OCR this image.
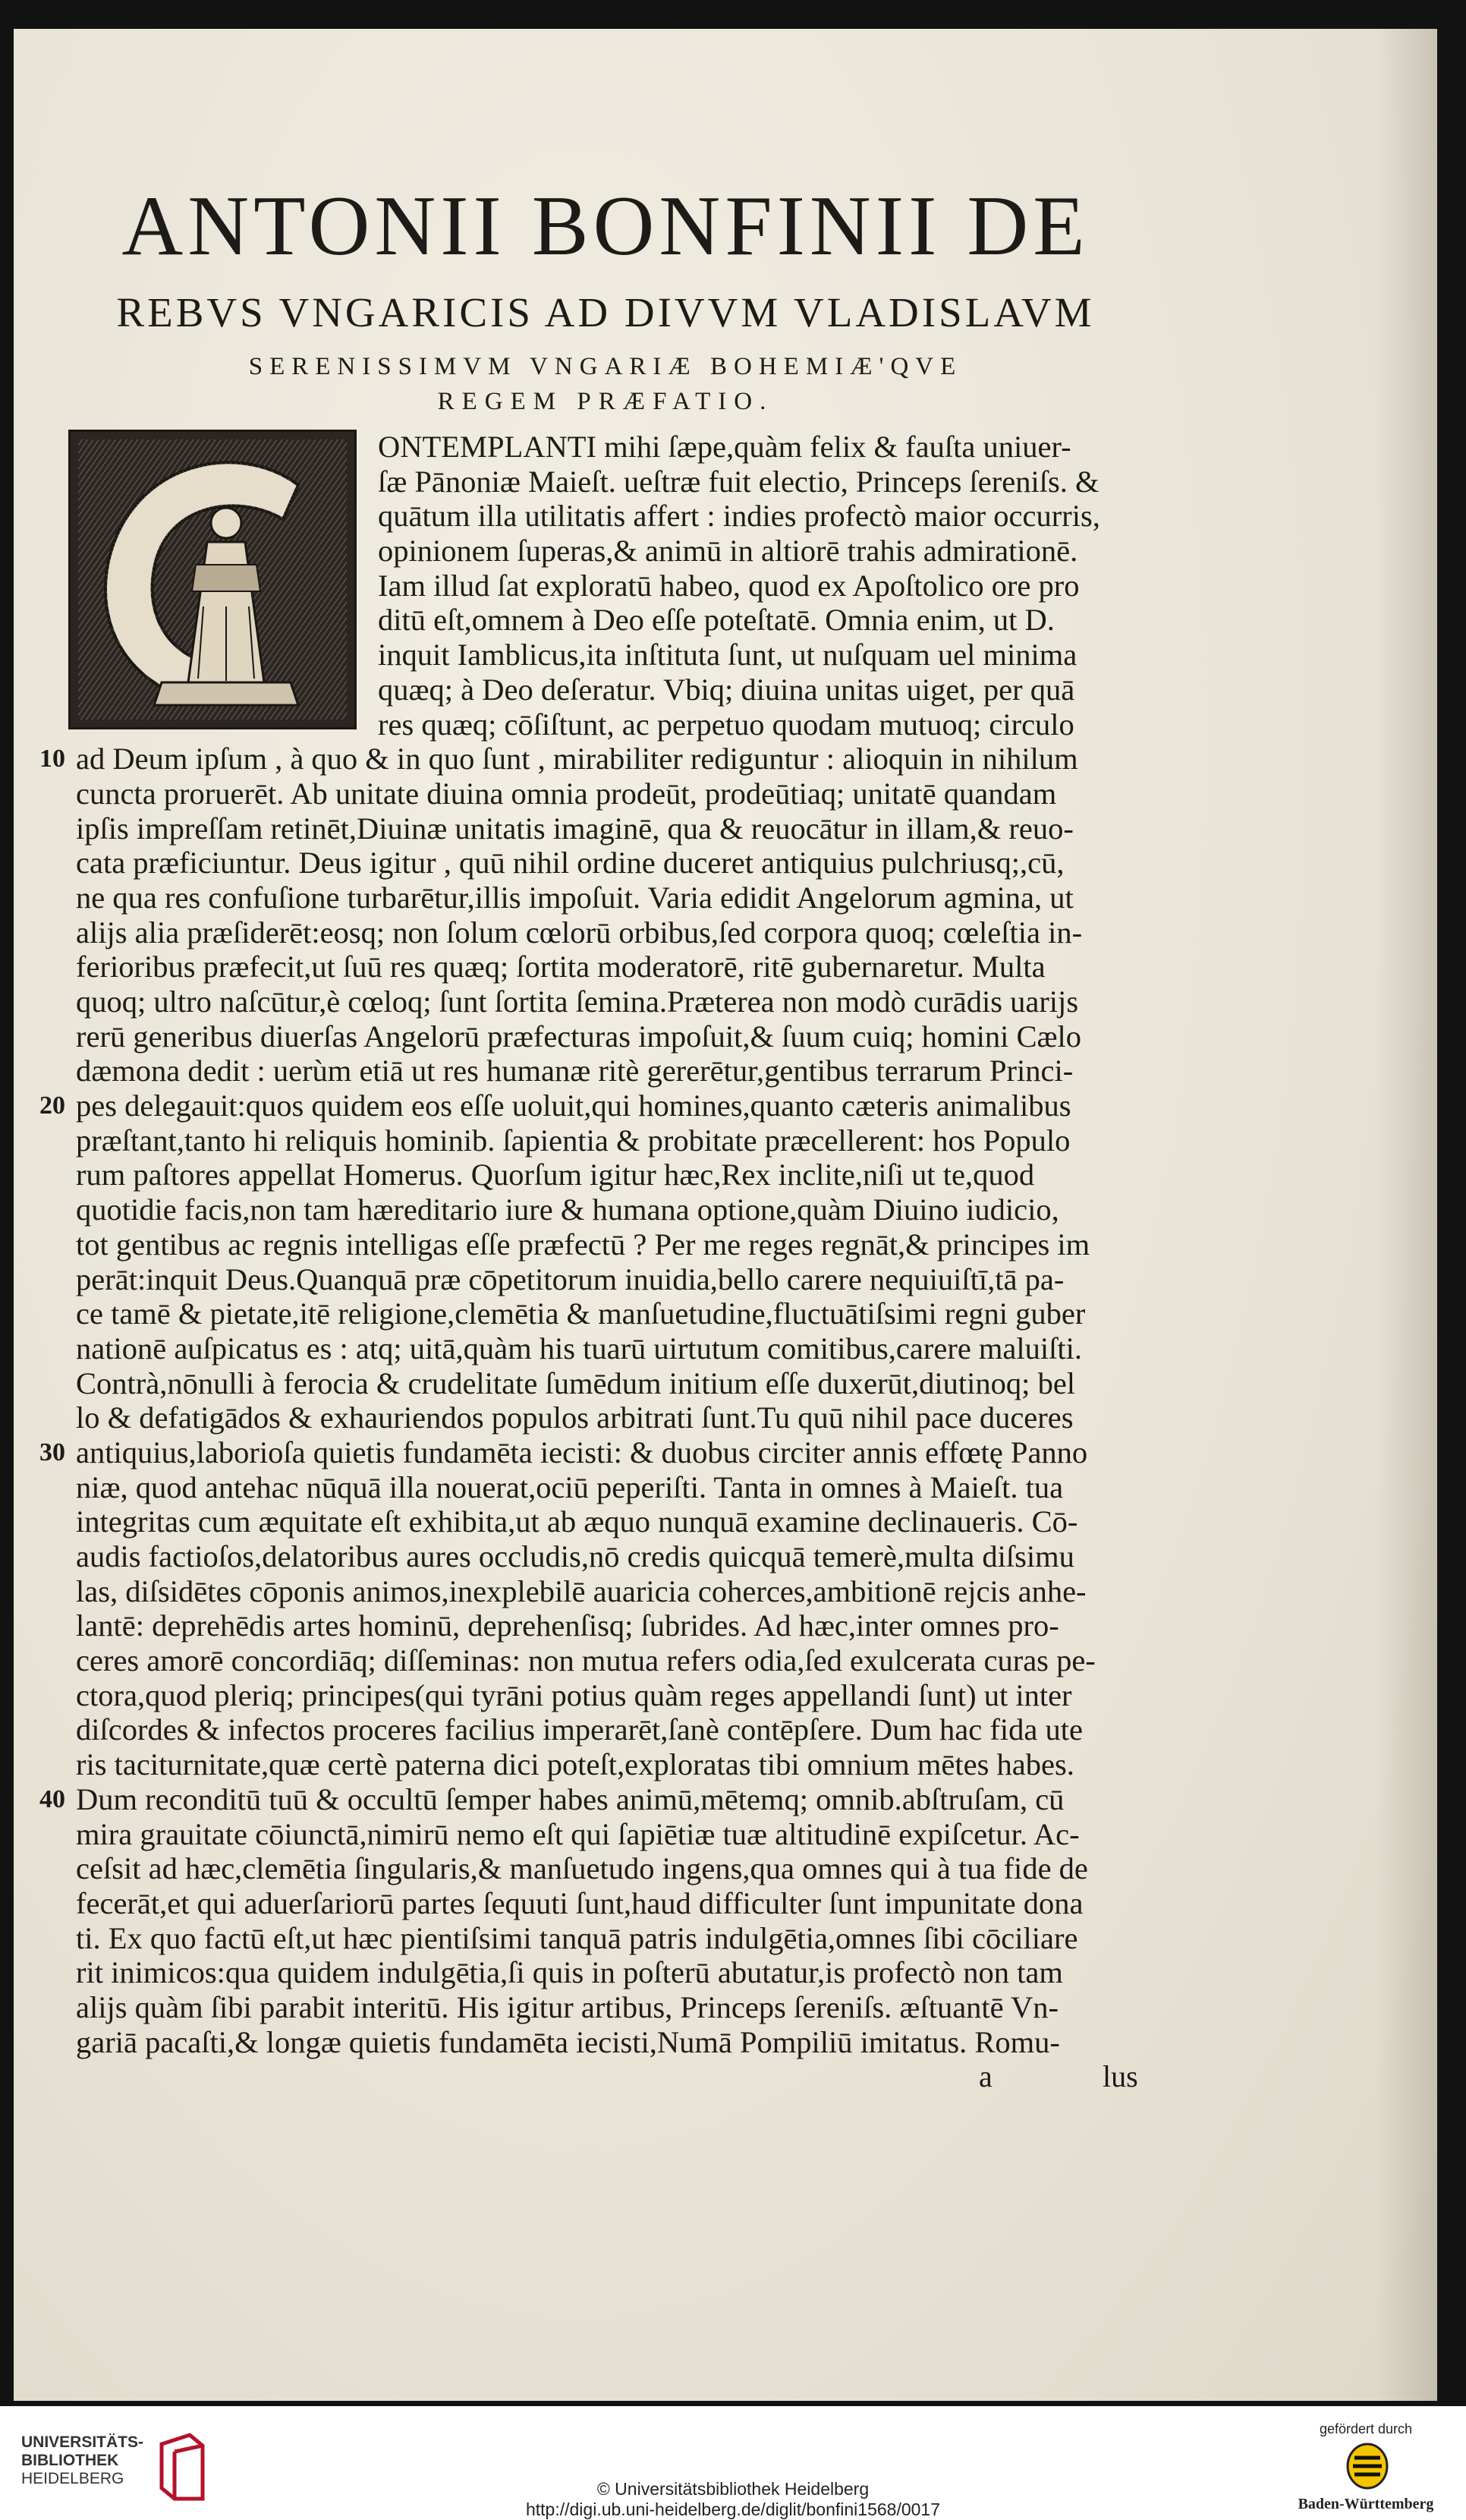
ANTONII BONFINII DE
REBVS VNGARICIS AD DIVVM VLADISLAVM
SERENISSIMVM VNGARIÆ BOHEMIÆ'QVE
REGEM PRÆFATIO.
ONTEMPLANTI mihi ſæpe,quàm felix & fauſta uniuer-
ſæ Pānoniæ Maieſt. ueſtræ fuit electio, Princeps ſereniſs. &
quātum illa utilitatis affert : indies profectò maior occurris,
opinionem ſuperas,& animū in altiorē trahis admirationē.
Iam illud ſat exploratū habeo, quod ex Apoſtolico ore pro
ditū eſt,omnem à Deo eſſe poteſtatē. Omnia enim, ut D.
inquit Iamblicus,ita inſtituta ſunt, ut nuſquam uel minima
quæq; à Deo deſeratur. Vbiq; diuina unitas uiget, per quā
res quæq; cōſiſtunt, ac perpetuo quodam mutuoq; circulo
10 ad Deum ipſum , à quo & in quo ſunt , mirabiliter rediguntur : alioquin in nihilum
cuncta proruerēt. Ab unitate diuina omnia prodeūt, prodeūtiaq; unitatē quandam
ipſis impreſſam retinēt,Diuinæ unitatis imaginē, qua & reuocātur in illam,& reuo-
cata præficiuntur. Deus igitur , quū nihil ordine duceret antiquius pulchriusq;,cū,
ne qua res confuſione turbarētur,illis impoſuit. Varia edidit Angelorum agmina, ut
alijs alia præſiderēt:eosq; non ſolum cœlorū orbibus,ſed corpora quoq; cœleſtia in-
ferioribus præfecit,ut ſuū res quæq; ſortita moderatorē, ritē gubernaretur. Multa
quoq; ultro naſcūtur,è cœloq; ſunt ſortita ſemina.Præterea non modò curādis uarijs
rerū generibus diuerſas Angelorū præfecturas impoſuit,& ſuum cuiq; homini Cælo
dæmona dedit : uerùm etiā ut res humanæ ritè gererētur,gentibus terrarum Princi-
20 pes delegauit:quos quidem eos eſſe uoluit,qui homines,quanto cæteris animalibus
præſtant,tanto hi reliquis hominib. ſapientia & probitate præcellerent: hos Populo
rum paſtores appellat Homerus. Quorſum igitur hæc,Rex inclite,niſi ut te,quod
quotidie facis,non tam hæreditario iure & humana optione,quàm Diuino iudicio,
tot gentibus ac regnis intelligas eſſe præfectū ? Per me reges regnāt,& principes im
perāt:inquit Deus.Quanquā præ cōpetitorum inuidia,bello carere nequiuiſtī,tā pa-
ce tamē & pietate,itē religione,clemētia & manſuetudine,fluctuātiſsimi regni guber
nationē auſpicatus es : atq; uitā,quàm his tuarū uirtutum comitibus,carere maluiſti.
Contrà,nōnulli à ferocia & crudelitate ſumēdum initium eſſe duxerūt,diutinoq; bel
lo & defatigādos & exhauriendos populos arbitrati ſunt.Tu quū nihil pace duceres
30 antiquius,laborioſa quietis fundamēta iecisti: & duobus circiter annis effœtę Panno
niæ, quod antehac nūquā illa nouerat,ociū peperiſti. Tanta in omnes à Maieſt. tua
integritas cum æquitate eſt exhibita,ut ab æquo nunquā examine declinaueris. Cō-
audis factioſos,delatoribus aures occludis,nō credis quicquā temerè,multa diſsimu
las, diſsidētes cōponis animos,inexplebilē auaricia coherces,ambitionē rejcis anhe-
lantē: deprehēdis artes hominū, deprehenſisq; ſubrides. Ad hæc,inter omnes pro-
ceres amorē concordiāq; diſſeminas: non mutua refers odia,ſed exulcerata curas pe-
ctora,quod pleriq; principes(qui tyrāni potius quàm reges appellandi ſunt) ut inter
diſcordes & infectos proceres facilius imperarēt,ſanè contēpſere. Dum hac fida ute
ris taciturnitate,quæ certè paterna dici poteſt,exploratas tibi omnium mētes habes.
40 Dum reconditū tuū & occultū ſemper habes animū,mētemq; omnib.abſtruſam, cū
mira grauitate cōiunctā,nimirū nemo eſt qui ſapiētiæ tuæ altitudinē expiſcetur. Ac-
ceſsit ad hæc,clemētia ſingularis,& manſuetudo ingens,qua omnes qui à tua fide de
fecerāt,et qui aduerſariorū partes ſequuti ſunt,haud difficulter ſunt impunitate dona
ti. Ex quo factū eſt,ut hæc pientiſsimi tanquā patris indulgētia,omnes ſibi cōciliare
rit inimicos:qua quidem indulgētia,ſi quis in poſterū abutatur,is profectò non tam
alijs quàm ſibi parabit interitū. His igitur artibus, Princeps ſereniſs. æſtuantē Vn-
gariā pacaſti,& longæ quietis fundamēta iecisti,Numā Pompiliū imitatus. Romu-
a	lus
UNIVERSITÄTS-
BIBLIOTHEK
HEIDELBERG
© Universitätsbibliothek Heidelberg
http://digi.ub.uni-heidelberg.de/diglit/bonfini1568/0017
gefördert durch
Baden-Württemberg
